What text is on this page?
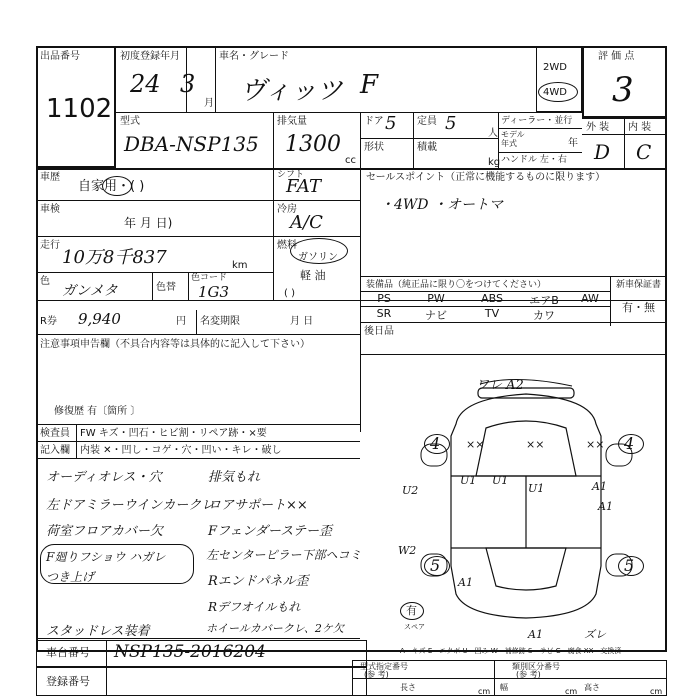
出品番号
1102
初度登録年月
24 3
月
車名・グレード
ヴィッツ F
2WD
4WD
評 価 点
3
型式
DBA-NSP135
排気量
1300
cc
ドア 5 定員 5	人
形状	積載
kg
ディーラー・並行
モデル
年式	年
ハンドル 左・右
外 装 内 装
D C
車歴
自家用・( )
シフト
FAT
車検
年 月 日)
冷房
A/C
走行
10万8千837	km
燃料
ガソリン
軽 油
( )
色
ガンメタ	色替
色コード
1G3
R券 9,940	円 名変期限	月 日
注意事項申告欄（不具合内容等は具体的に記入して下さい）
修復歴 有〔箇所 〕
セールスポイント（正常に機能するものに限ります）
・4WD ・オートマ
装備品（純正品に限り〇をつけてください）	新車保証書
有・無
PS	PW	ABS	エアB	AW
SR	ナビ	TV	カワ
後日品
検査員 FW キズ・凹石・ヒビ割・リペア跡・×要
記入欄 内装 ✕・凹し・コゲ・穴・凹い・キレ・破し
オーディオレス・穴
左ドアミラーウインカークレ
荷室フロアカバー欠
F廻りフショウ ハガレ
つき上げ
スタッドレス装着
排気もれ
ロアサポート××
Fフェンダーステー歪
左センターピラー下部ヘコミ
Rエンドパネル歪
Rデフオイルもれ
ホイールカバークレ、2ケ欠
ワレ A2
4	4
5	5
××	××	××
U1 U1
U1	A1
A1
U2
W2
A1
A1	ズレ
有
スペア
A—キズ E—エクボ U—凹み W—補修跡 S—サビ C—腐食 XX—交換済
車台番号 NSP135-2016204
登録番号
型式指定番号
(参 考)
類別区分番号
(参 考)
長さ	cm 幅	cm 高さ	cm
